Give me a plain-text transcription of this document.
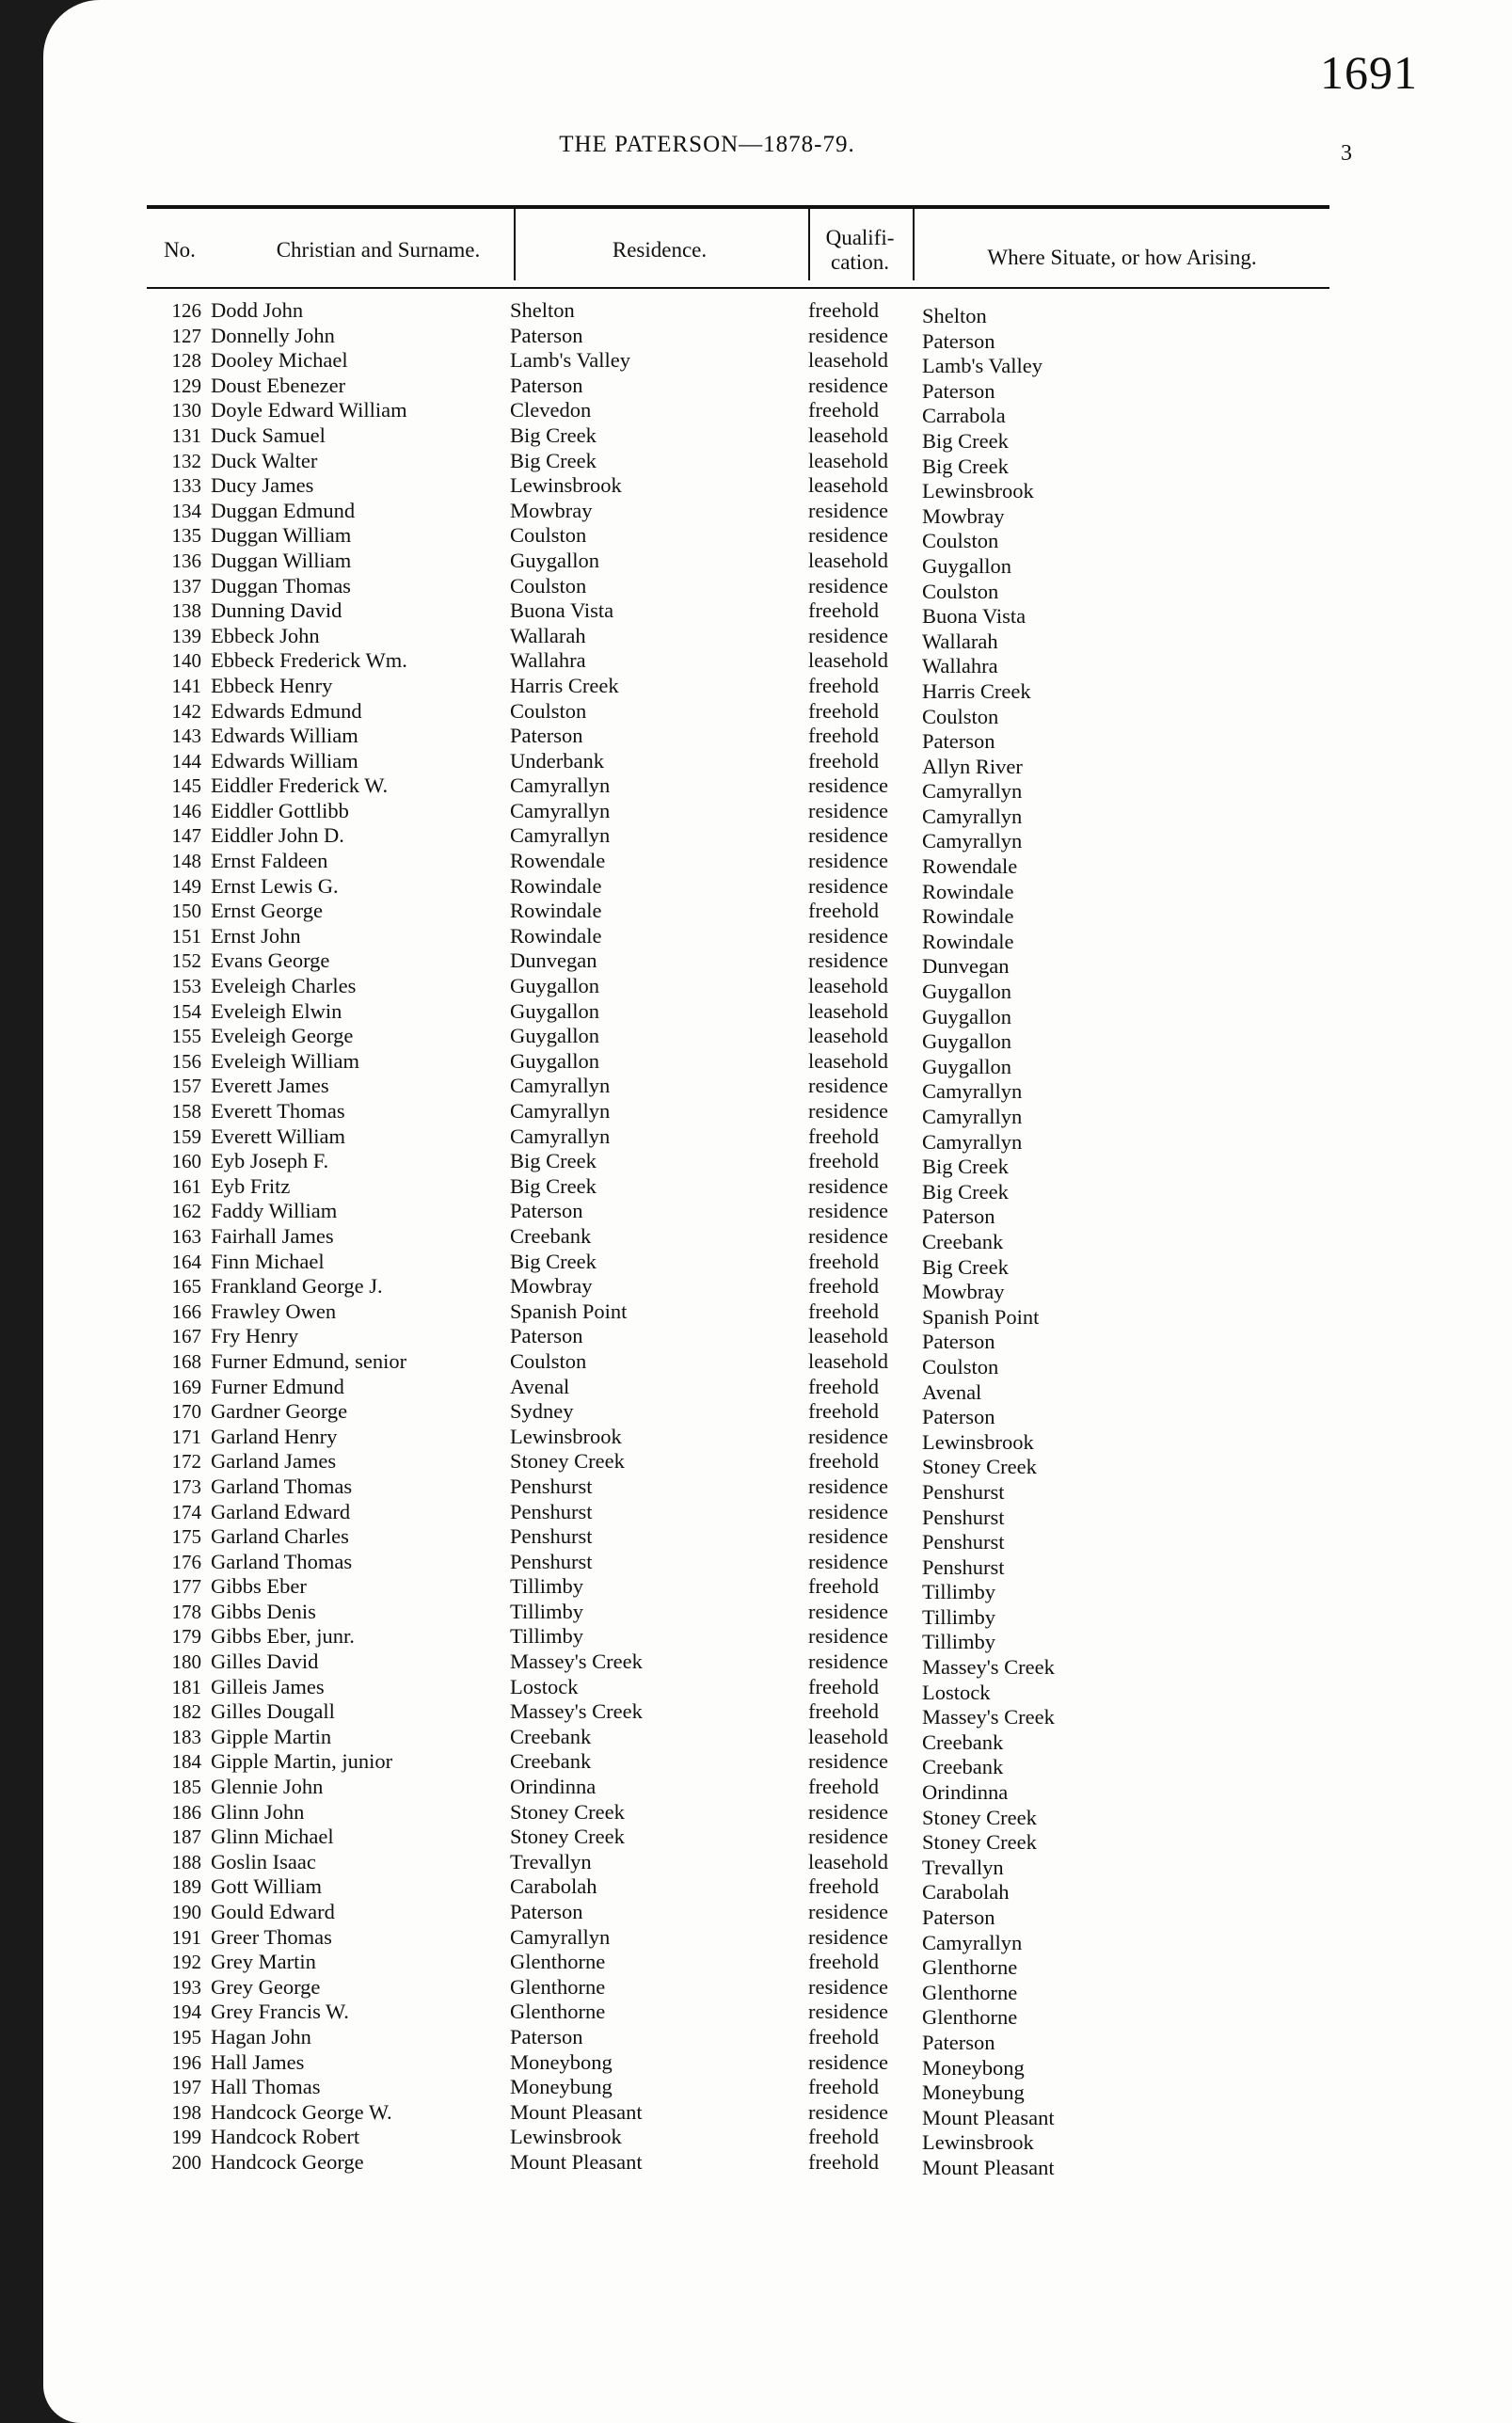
1691
THE PATERSON—1878-79.	3
No.	Christian and Surname.	Residence.
Qualifi-
cation.	Where Situate, or how Arising.
126 Dodd John	Shelton	freehold Shelton
127 Donnelly John	Paterson	residence Paterson
128 Dooley Michael	Lamb's Valley	leasehold Lamb's Valley
129 Doust Ebenezer	Paterson	residence Paterson
130 Doyle Edward William	Clevedon	freehold Carrabola
131 Duck Samuel	Big Creek	leasehold Big Creek
132 Duck Walter	Big Creek	leasehold Big Creek
133 Ducy James	Lewinsbrook	leasehold Lewinsbrook
134 Duggan Edmund	Mowbray	residence Mowbray
135 Duggan William	Coulston	residence Coulston
136 Duggan William	Guygallon	leasehold Guygallon
137 Duggan Thomas	Coulston	residence Coulston
138 Dunning David	Buona Vista	freehold Buona Vista
139 Ebbeck John	Wallarah	residence Wallarah
140 Ebbeck Frederick Wm.	Wallahra	leasehold Wallahra
141 Ebbeck Henry	Harris Creek	freehold Harris Creek
142 Edwards Edmund	Coulston	freehold Coulston
143 Edwards William	Paterson	freehold Paterson
144 Edwards William	Underbank	freehold Allyn River
145 Eiddler Frederick W.	Camyrallyn	residence Camyrallyn
146 Eiddler Gottlibb	Camyrallyn	residence Camyrallyn
147 Eiddler John D.	Camyrallyn	residence Camyrallyn
148 Ernst Faldeen	Rowendale	residence Rowendale
149 Ernst Lewis G.	Rowindale	residence Rowindale
150 Ernst George	Rowindale	freehold Rowindale
151 Ernst John	Rowindale	residence Rowindale
152 Evans George	Dunvegan	residence Dunvegan
153 Eveleigh Charles	Guygallon	leasehold Guygallon
154 Eveleigh Elwin	Guygallon	leasehold Guygallon
155 Eveleigh George	Guygallon	leasehold Guygallon
156 Eveleigh William	Guygallon	leasehold Guygallon
157 Everett James	Camyrallyn	residence Camyrallyn
158 Everett Thomas	Camyrallyn	residence Camyrallyn
159 Everett William	Camyrallyn	freehold Camyrallyn
160 Eyb Joseph F.	Big Creek	freehold Big Creek
161 Eyb Fritz	Big Creek	residence Big Creek
162 Faddy William	Paterson	residence Paterson
163 Fairhall James	Creebank	residence Creebank
164 Finn Michael	Big Creek	freehold Big Creek
165 Frankland George J.	Mowbray	freehold Mowbray
166 Frawley Owen	Spanish Point	freehold Spanish Point
167 Fry Henry	Paterson	leasehold Paterson
168 Furner Edmund, senior	Coulston	leasehold Coulston
169 Furner Edmund	Avenal	freehold Avenal
170 Gardner George	Sydney	freehold Paterson
171 Garland Henry	Lewinsbrook	residence Lewinsbrook
172 Garland James	Stoney Creek	freehold Stoney Creek
173 Garland Thomas	Penshurst	residence Penshurst
174 Garland Edward	Penshurst	residence Penshurst
175 Garland Charles	Penshurst	residence Penshurst
176 Garland Thomas	Penshurst	residence Penshurst
177 Gibbs Eber	Tillimby	freehold Tillimby
178 Gibbs Denis	Tillimby	residence Tillimby
179 Gibbs Eber, junr.	Tillimby	residence Tillimby
180 Gilles David	Massey's Creek	residence Massey's Creek
181 Gilleis James	Lostock	freehold Lostock
182 Gilles Dougall	Massey's Creek	freehold Massey's Creek
183 Gipple Martin	Creebank	leasehold Creebank
184 Gipple Martin, junior	Creebank	residence Creebank
185 Glennie John	Orindinna	freehold Orindinna
186 Glinn John	Stoney Creek	residence Stoney Creek
187 Glinn Michael	Stoney Creek	residence Stoney Creek
188 Goslin Isaac	Trevallyn	leasehold Trevallyn
189 Gott William	Carabolah	freehold Carabolah
190 Gould Edward	Paterson	residence Paterson
191 Greer Thomas	Camyrallyn	residence Camyrallyn
192 Grey Martin	Glenthorne	freehold Glenthorne
193 Grey George	Glenthorne	residence Glenthorne
194 Grey Francis W.	Glenthorne	residence Glenthorne
195 Hagan John	Paterson	freehold Paterson
196 Hall James	Moneybong	residence Moneybong
197 Hall Thomas	Moneybung	freehold Moneybung
198 Handcock George W.	Mount Pleasant	residence Mount Pleasant
199 Handcock Robert	Lewinsbrook	freehold Lewinsbrook
200 Handcock George	Mount Pleasant	freehold Mount Pleasant
